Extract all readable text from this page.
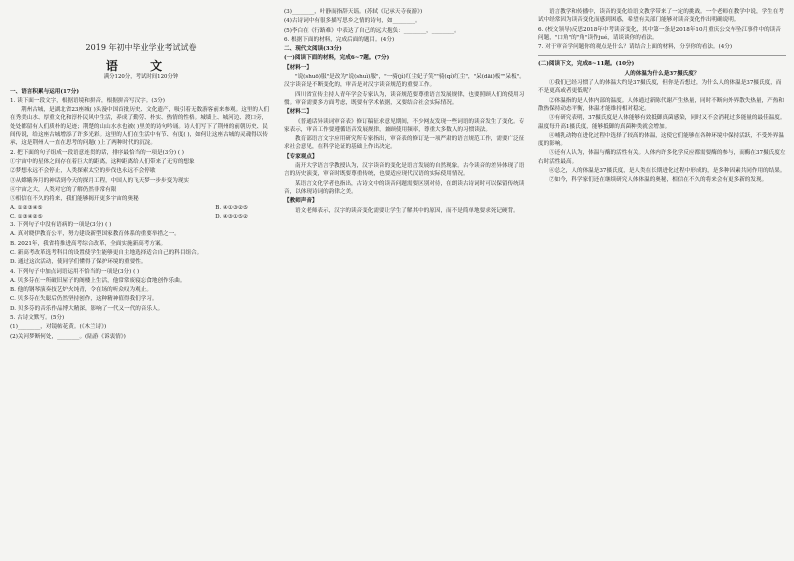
2019 年初中毕业学业考试试卷
语 文
满分120分，考试时间120分钟

一、语言积累与运用(17分)

1. 读下面一段文字，根据语境和拼音，根据拼音写汉字。(3分)

荆州古城，是湖北省23座城( )头漫中国首批历史、文化遗产，吸引着无数游客前来参观。这里的人们在秀美山水、厚重文化和淳朴民风中生活，养成了勤劳、朴实、热情的性格。城墙上、城河边、渡口旁，处处都留有人们质朴的足迹；荆楚的山山水水也被( )里美的诗句吟诵。诗人们写下了荆州的前朝历史、民间传说，给这座古城增添了许多光彩。这里的人们在生活中有节、有度( )，如何让这座古城的灵魂得以传承，这是荆州人一直在思考的问题( )上了两种时代的沉淀。

2. 把下面的句子组成一段语意连贯的话，排序最恰当的一项是(3分) ( )

①宇宙中的星体之间存在着巨大的距离，这种距离给人们带来了无穷的想象

②梦想永远不会停止，人类探索太空的步伐也永远不会停歇

③从嫦娥奔月的神话到今天的探月工程，中国人的飞天梦一步步变为现实

④宇宙之大，人类对它的了解仍然非常有限

⑤相信在不久的将来，我们能够揭开更多宇宙的奥秘

A. ①②③④⑤	B. ④①③②⑤
C. ①③④②⑤	D. ④③①⑤②

3. 下列句子中没有语病的一项是(3分) ( )

A. 真对晓伊教育公平，努力建设新型国家教育体系的重要举措之一。

B. 2021年，我省将推进高考综合改革，全面实施新高考方案。

C. 新高考改革选考科目的设置使学生能够更自主地选择适合自己的科目组合。

D. 通过这次活动，使同学们懂得了保护环境的重要性。

4. 下列句子中加点词语运用不恰当的一项是(3分) ( )

A. 贝多芬在一所破旧屋子的阁楼上生活，他常常废寝忘食地创作乐曲。

B. 他的钢琴演奏技艺炉火纯青，令在场的听众叹为观止。

C. 贝多芬在失聪后仍然坚持创作，这种精神值得我们学习。

D. 贝多芬的音乐作品博大精深，影响了一代又一代的音乐人。

5. 古诗文默写。(5分)

(1)________，对镜帖花黄。(《木兰诗》)

(2)关河梦断何处，________。(陆游《诉衷情》)

(3)________，叶静而指辞天谣。(苏轼《记承天寺夜游》)

(4)古诗词中有很多描写思乡之情的诗句，如________。

(5)李白在《行路难》中表达了自己的远大抱负：________，________。

6. 根据下面的材料，完成后面的题目。(4分)

二、现代文阅读(33分)

(一)阅读下面的材料，完成6~7题。(7分)

【材料一】

"说(shuō)服"是改为"说(shuì)服"，"一骑(jì)红尘妃子笑""骑(qí)红尘"，"呆(dāi)板""呆板"。汉字读音是不断变化的，审音是对汉字读音规范的重要工作。

四川省宣传主持人青年学会专家认为，读音规范要尊重语言发展规律，也要照顾人们的使用习惯。审音需要多方面考虑，既要有学术依据，又要结合社会实际情况。

【材料二】

《普通话异读词审音表》修订稿征求意见期间，不少网友发现一些词语的读音发生了变化。专家表示，审音工作要遵循语音发展规律，兼顾使用频率，尊重大多数人的习惯读法。

教育部语言文字应用研究所专家指出，审音表的修订是一项严肃的语言规范工作，需要广泛征求社会意见，在科学论证的基础上作出决定。

【专家观点】

南开大学语言学教授认为，汉字读音的变化是语言发展的自然现象。古今读音的差异体现了语言的历史演变，审音时既要尊重传统，也要适应现代汉语的实际使用情况。

某语言文化学者也指出，古诗文中的读音问题需要区别对待，在朗读古诗词时可以保留传统读音，以体现诗词的韵律之美。

【教师声音】

语文老师表示，汉字的读音变化需要让学生了解其中的原因，而不是简单地要求死记硬背。

语言教学和传播中，读音的变化给语文教学带来了一定的挑战。一个老师在教学中说，学生在考试中经常因为读音变化而感到困惑，希望有关部门能够对读音变化作出明确说明。

6. (校文领导)反思2018年中考读音变化，其中第一条是2018年10月重庆公交车坠江事件中的读音问题，"口角"的"角"读作jué，请谈谈你的看法。

7. 对于审音学问题你的观点是什么？请结合上面的材料，分享你的看法。(4分)

(二)阅读下文，完成8~11题。(10分)

人的体温为什么是37摄氏度？

①我们已经习惯了人的体温大约是37摄氏度，但你是否想过，为什么人的体温是37摄氏度，而不是更高或者更低呢？

②体温指的是人体内部的温度。人体通过新陈代谢产生热量，同时不断向外界散失热量，产热和散热保持动态平衡，体温才能维持相对稳定。

③有研究表明，37摄氏度是人体能够有效抵御真菌感染，同时又不会消耗过多能量的最佳温度。温度每升高1摄氏度，能够抵御的真菌种类就会增加。

④哺乳动物在进化过程中选择了较高的体温，这使它们能够在各种环境中保持活跃，不受外界温度的影响。

⑤还有人认为，体温与酶的活性有关。人体内许多化学反应都需要酶的参与，而酶在37摄氏度左右时活性最高。

⑥总之，人的体温是37摄氏度，是人类在长期进化过程中形成的，是多种因素共同作用的结果。

⑦如今，科学家们还在继续研究人体体温的奥秘，相信在不久的将来会有更多新的发现。
